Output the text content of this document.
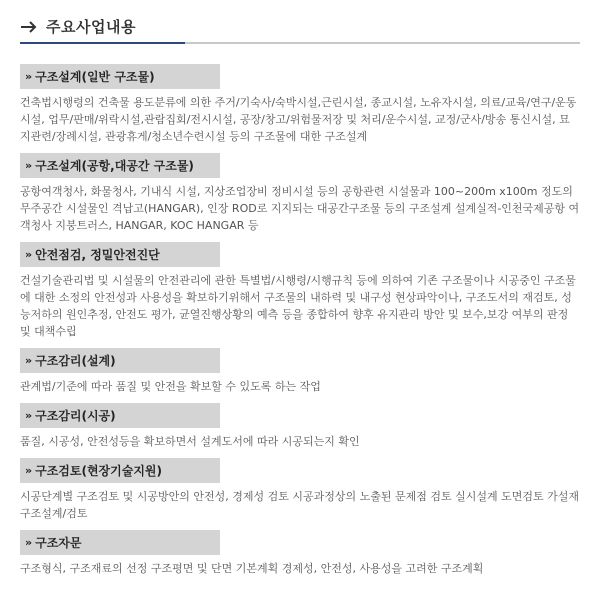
주요사업내용
» 구조설계(일반 구조물)
건축법시행령의 건축물 용도분류에 의한 주거/기숙사/숙박시설,근린시설, 종교시설, 노유자시설, 의료/교육/연구/운동시설, 업무/판매/위락시설,관람집회/전시시설, 공장/창고/위험물저장 및 처리/운수시설, 교정/군사/방송 통신시설, 묘지관련/장례시설, 관광휴게/청소년수련시설 등의 구조물에 대한 구조설계
» 구조설계(공항,대공간 구조물)
공항여객청사, 화물청사, 기내식 시설, 지상조업장비 정비시설 등의 공항관련 시설물과 100~200m x100m 정도의 무주공간 시설물인 격납고(HANGAR), 인장 ROD로 지지되는 대공간구조물 등의 구조설계 설계실적-인천국제공항 여객청사 지붕트러스, HANGAR, KOC HANGAR 등
» 안전점검, 정밀안전진단
건설기술관리법 및 시설물의 안전관리에 관한 특별법/시행령/시행규칙 등에 의하여 기존 구조물이나 시공중인 구조물에 대한 소정의 안전성과 사용성을 확보하기위해서 구조물의 내하력 및 내구성 현상파악이나, 구조도서의 재검토, 성능저하의 원인추정, 안전도 평가, 균열진행상황의 예측 등을 종합하여 향후 유지관리 방안 및 보수,보강 여부의 판정 및 대책수립
» 구조감리(설계)
관계법/기준에 따라 품질 및 안전을 확보할 수 있도록 하는 작업
» 구조감리(시공)
품질, 시공성, 안전성등을 확보하면서 설계도서에 따라 시공되는지 확인
» 구조검토(현장기술지원)
시공단계별 구조검토 및 시공방안의 안전성, 경제성 검토 시공과정상의 노출된 문제점 검토 실시설계 도면검토 가설재 구조설계/검토
» 구조자문
구조형식, 구조재료의 선정 구조평면 및 단면 기본계획 경제성, 안전성, 사용성을 고려한 구조계획
